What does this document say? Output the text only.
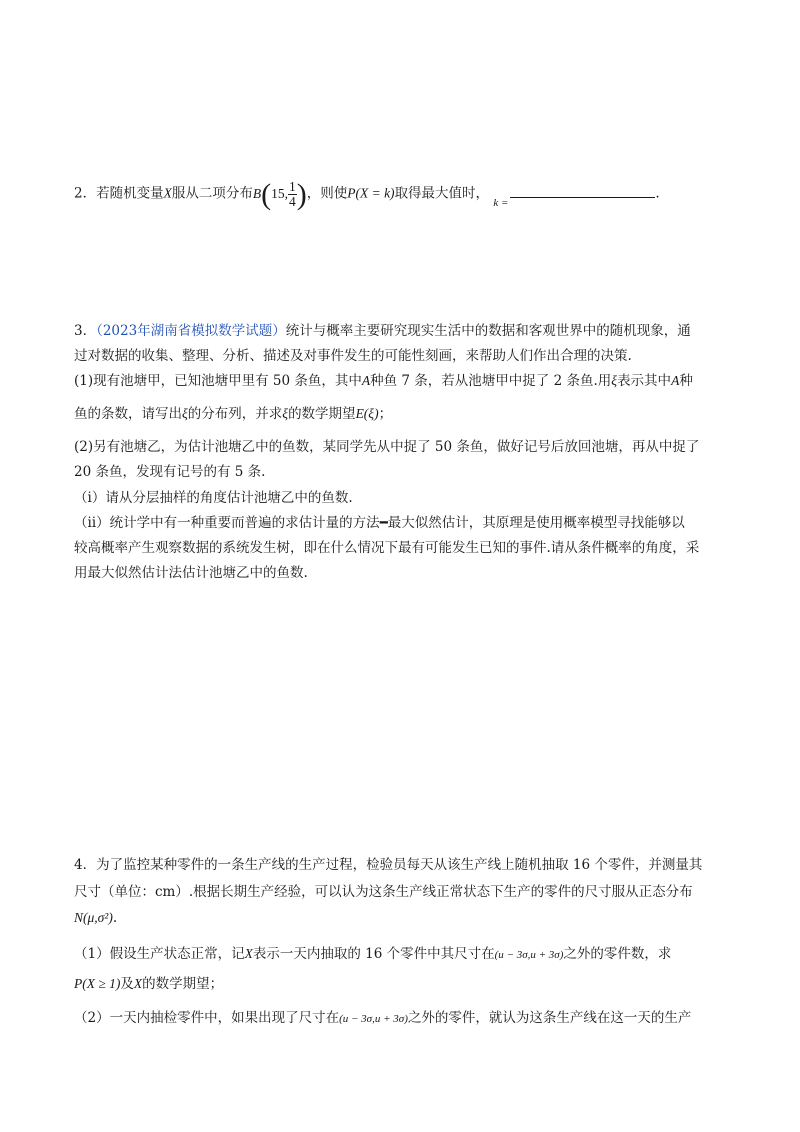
2．若随机变量X服从二项分布B(15, $\frac{1}{4}$ )，则使P(X = k)取得最大值时， $_{k =}$.
3．（2023年湖南省模拟数学试题）统计与概率主要研究现实生活中的数据和客观世界中的随机现象，通
过对数据的收集、整理、分析、描述及对事件发生的可能性刻画，来帮助人们作出合理的决策.
(1)现有池塘甲，已知池塘甲里有 50 条鱼，其中A种鱼 7 条，若从池塘甲中捉了 2 条鱼.用ξ表示其中A种
鱼的条数，请写出ξ的分布列，并求ξ的数学期望E(ξ)；
(2)另有池塘乙，为估计池塘乙中的鱼数，某同学先从中捉了 50 条鱼，做好记号后放回池塘，再从中捉了
20 条鱼，发现有记号的有 5 条.
（ⅰ）请从分层抽样的角度估计池塘乙中的鱼数.
（ⅱ）统计学中有一种重要而普遍的求估计量的方法━最大似然估计，其原理是使用概率模型寻找能够以
较高概率产生观察数据的系统发生树，即在什么情况下最有可能发生已知的事件.请从条件概率的角度，采
用最大似然估计法估计池塘乙中的鱼数.
4．为了监控某种零件的一条生产线的生产过程，检验员每天从该生产线上随机抽取 16 个零件，并测量其
尺寸（单位：cm）.根据长期生产经验，可以认为这条生产线正常状态下生产的零件的尺寸服从正态分布
N(μ,σ²).
（1）假设生产状态正常，记X表示一天内抽取的 16 个零件中其尺寸在(u − 3σ,u + 3σ)之外的零件数，求
P(X ≥ 1)及X的数学期望；
（2）一天内抽检零件中，如果出现了尺寸在(u − 3σ,u + 3σ)之外的零件，就认为这条生产线在这一天的生产
